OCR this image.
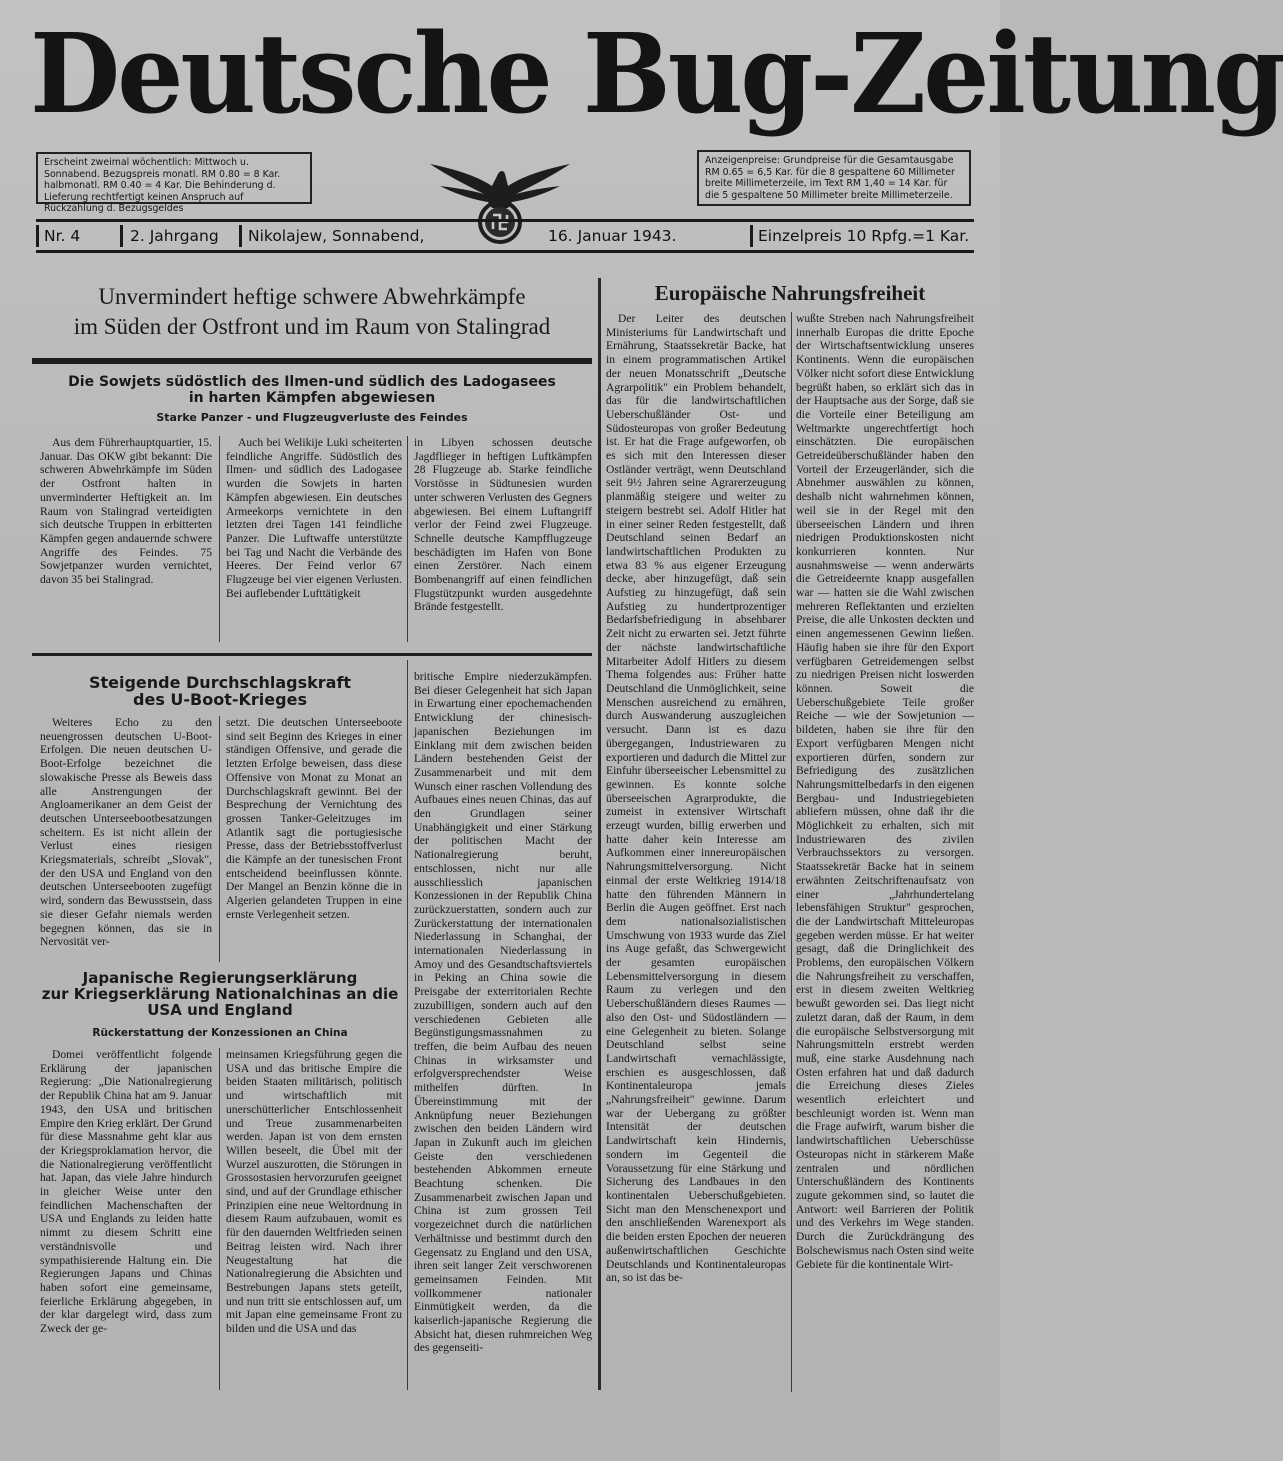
Deutsche Bug-Zeitung
Erscheint zweimal wöchentlich: Mittwoch u. Sonnabend. Bezugspreis monatl. RM 0.80 = 8 Kar. halbmonatl. RM 0.40 = 4 Kar. Die Behinderung d. Lieferung rechtfertigt keinen Anspruch auf Rückzahlung d. Bezugsgeldes
Anzeigenpreise: Grundpreise für die Gesamtausgabe RM 0.65 = 6,5 Kar. für die 8 gespaltene 60 Millimeter breite Millimeterzeile, im Text RM 1,40 = 14 Kar. für die 5 gespaltene 50 Millimeter breite Millimeterzeile.
Nr. 4	2. Jahrgang Nikolajew, Sonnabend,	16. Januar 1943.	Einzelpreis 10 Rpfg.=1 Kar.
Unvermindert heftige schwere Abwehrkämpfe
im Süden der Ostfront und im Raum von Stalingrad
Die Sowjets südöstlich des Ilmen-und südlich des Ladogasees
in harten Kämpfen abgewiesen
Starke Panzer - und Flugzeugverluste des Feindes

Aus dem Führerhauptquartier, 15. Januar. Das OKW gibt bekannt: Die schweren Abwehrkämpfe im Süden der Ostfront halten in unverminderter Heftigkeit an. Im Raum von Stalingrad verteidigten sich deutsche Truppen in erbitterten Kämpfen gegen andauernde schwere Angriffe des Feindes. 75 Sowjetpanzer wurden vernichtet, davon 35 bei Stalingrad.

Auch bei Welikije Luki scheiterten feindliche Angriffe. Südöstlich des Ilmen- und südlich des Ladogasee wurden die Sowjets in harten Kämpfen abgewiesen. Ein deutsches Armeekorps vernichtete in den letzten drei Tagen 141 feindliche Panzer. Die Luftwaffe unterstützte bei Tag und Nacht die Verbände des Heeres. Der Feind verlor 67 Flugzeuge bei vier eigenen Verlusten. Bei auflebender Lufttätigkeit

in Libyen schossen deutsche Jagdflieger in heftigen Luftkämpfen 28 Flugzeuge ab. Starke feindliche Vorstösse in Südtunesien wurden unter schweren Verlusten des Gegners abgewiesen. Bei einem Luftangriff verlor der Feind zwei Flugzeuge. Schnelle deutsche Kampfflugzeuge beschädigten im Hafen von Bone einen Zerstörer. Nach einem Bombenangriff auf einen feindlichen Flugstützpunkt wurden ausgedehnte Brände festgestellt.

Steigende Durchschlagskraft
des U-Boot-Krieges

Weiteres Echo zu den neuengrossen deutschen U-Boot-Erfolgen. Die neuen deutschen U-Boot-Erfolge bezeichnet die slowakische Presse als Beweis dass alle Anstrengungen der Angloamerikaner an dem Geist der deutschen Unterseebootbesatzungen scheitern. Es ist nicht allein der Verlust eines riesigen Kriegsmaterials, schreibt „Slovak", der den USA und England von den deutschen Unterseebooten zugefügt wird, sondern das Bewusstsein, dass sie dieser Gefahr niemals werden begegnen können, das sie in Nervosität ver-

setzt. Die deutschen Unterseeboote sind seit Beginn des Krieges in einer ständigen Offensive, und gerade die letzten Erfolge beweisen, dass diese Offensive von Monat zu Monat an Durchschlagskraft gewinnt. Bei der Besprechung der Vernichtung des grossen Tanker-Geleitzuges im Atlantik sagt die portugiesische Presse, dass der Betriebsstoffverlust die Kämpfe an der tunesischen Front entscheidend beeinflussen könnte. Der Mangel an Benzin könne die in Algerien gelandeten Truppen in eine ernste Verlegenheit setzen.

Japanische Regierungserklärung
zur Kriegserklärung Nationalchinas an die
USA und England
Rückerstattung der Konzessionen an China

Domei veröffentlicht folgende Erklärung der japanischen Regierung: „Die Nationalregierung der Republik China hat am 9. Januar 1943, den USA und britischen Empire den Krieg erklärt. Der Grund für diese Massnahme geht klar aus der Kriegsproklamation hervor, die die Nationalregierung veröffentlicht hat. Japan, das viele Jahre hindurch in gleicher Weise unter den feindlichen Machenschaften der USA und Englands zu leiden hatte nimmt zu diesem Schritt eine verständnisvolle und sympathisierende Haltung ein. Die Regierungen Japans und Chinas haben sofort eine gemeinsame, feierliche Erklärung abgegeben, in der klar dargelegt wird, dass zum Zweck der ge-

meinsamen Kriegsführung gegen die USA und das britische Empire die beiden Staaten militärisch, politisch und wirtschaftlich mit unerschütterlicher Entschlossenheit und Treue zusammenarbeiten werden. Japan ist von dem ernsten Willen beseelt, die Übel mit der Wurzel auszurotten, die Störungen in Grossostasien hervorzurufen geeignet sind, und auf der Grundlage ethischer Prinzipien eine neue Weltordnung in diesem Raum aufzubauen, womit es für den dauernden Weltfrieden seinen Beitrag leisten wird. Nach ihrer Neugestaltung hat die Nationalregierung die Absichten und Bestrebungen Japans stets geteilt, und nun tritt sie entschlossen auf, um mit Japan eine gemeinsame Front zu bilden und die USA und das

britische Empire niederzukämpfen. Bei dieser Gelegenheit hat sich Japan in Erwartung einer epochemachenden Entwicklung der chinesisch-japanischen Beziehungen im Einklang mit dem zwischen beiden Ländern bestehenden Geist der Zusammenarbeit und mit dem Wunsch einer raschen Vollendung des Aufbaues eines neuen Chinas, das auf den Grundlagen seiner Unabhängigkeit und einer Stärkung der politischen Macht der Nationalregierung beruht, entschlossen, nicht nur alle ausschliesslich japanischen Konzessionen in der Republik China zurückzuerstatten, sondern auch zur Zurückerstattung der internationalen Niederlassung in Schanghai, der internationalen Niederlassung in Amoy und des Gesandtschaftsviertels in Peking an China sowie die Preisgabe der exterritorialen Rechte zuzubilligen, sondern auch auf den verschiedenen Gebieten alle Begünstigungsmassnahmen zu treffen, die beim Aufbau des neuen Chinas in wirksamster und erfolgversprechendster Weise mithelfen dürften. In Übereinstimmung mit der Anknüpfung neuer Beziehungen zwischen den beiden Ländern wird Japan in Zukunft auch im gleichen Geiste den verschiedenen bestehenden Abkommen erneute Beachtung schenken. Die Zusammenarbeit zwischen Japan und China ist zum grossen Teil vorgezeichnet durch die natürlichen Verhältnisse und bestimmt durch den Gegensatz zu England und den USA, ihren seit langer Zeit verschworenen gemeinsamen Feinden. Mit vollkommener nationaler Einmütigkeit werden, da die kaiserlich-japanische Regierung die Absicht hat, diesen ruhmreichen Weg des gegenseiti-

Europäische Nahrungsfreiheit

Der Leiter des deutschen Ministeriums für Landwirtschaft und Ernährung, Staatssekretär Backe, hat in einem programmatischen Artikel der neuen Monatsschrift „Deutsche Agrarpolitik" ein Problem behandelt, das für die landwirtschaftlichen Ueberschußländer Ost- und Südosteuropas von großer Bedeutung ist. Er hat die Frage aufgeworfen, ob es sich mit den Interessen dieser Ostländer verträgt, wenn Deutschland seit 9½ Jahren seine Agrarerzeugung planmäßig steigere und weiter zu steigern bestrebt sei. Adolf Hitler hat in einer seiner Reden festgestellt, daß Deutschland seinen Bedarf an landwirtschaftlichen Produkten zu etwa 83 % aus eigener Erzeugung decke, aber hinzugefügt, daß sein Aufstieg zu hinzugefügt, daß sein Aufstieg zu hundertprozentiger Bedarfsbefriedigung in absehbarer Zeit nicht zu erwarten sei. Jetzt führte der nächste landwirtschaftliche Mitarbeiter Adolf Hitlers zu diesem Thema folgendes aus: Früher hatte Deutschland die Unmöglichkeit, seine Menschen ausreichend zu ernähren, durch Auswanderung auszugleichen versucht. Dann ist es dazu übergegangen, Industriewaren zu exportieren und dadurch die Mittel zur Einfuhr überseeischer Lebensmittel zu gewinnen. Es konnte solche überseeischen Agrarprodukte, die zumeist in extensiver Wirtschaft erzeugt wurden, billig erwerben und hatte daher kein Interesse am Aufkommen einer innereuropäischen Nahrungsmittelversorgung. Nicht einmal der erste Weltkrieg 1914/18 hatte den führenden Männern in Berlin die Augen geöffnet. Erst nach dem nationalsozialistischen Umschwung von 1933 wurde das Ziel ins Auge gefaßt, das Schwergewicht der gesamten europäischen Lebensmittelversorgung in diesem Raum zu verlegen und den Ueberschußländern dieses Raumes — also den Ost- und Südostländern — eine Gelegenheit zu bieten. Solange Deutschland selbst seine Landwirtschaft vernachlässigte, erschien es ausgeschlossen, daß Kontinentaleuropa jemals „Nahrungsfreiheit" gewinne. Darum war der Uebergang zu größter Intensität der deutschen Landwirtschaft kein Hindernis, sondern im Gegenteil die Voraussetzung für eine Stärkung und Sicherung des Landbaues in den kontinentalen Ueberschußgebieten. Sicht man den Menschenexport und den anschließenden Warenexport als die beiden ersten Epochen der neueren außenwirtschaftlichen Geschichte Deutschlands und Kontinentaleuropas an, so ist das be-

wußte Streben nach Nahrungsfreiheit innerhalb Europas die dritte Epoche der Wirtschaftsentwicklung unseres Kontinents. Wenn die europäischen Völker nicht sofort diese Entwicklung begrüßt haben, so erklärt sich das in der Hauptsache aus der Sorge, daß sie die Vorteile einer Beteiligung am Weltmarkte ungerechtfertigt hoch einschätzten. Die europäischen Getreideüberschußländer haben den Vorteil der Erzeugerländer, sich die Abnehmer auswählen zu können, deshalb nicht wahrnehmen können, weil sie in der Regel mit den überseeischen Ländern und ihren niedrigen Produktionskosten nicht konkurrieren konnten. Nur ausnahmsweise — wenn anderwärts die Getreideernte knapp ausgefallen war — hatten sie die Wahl zwischen mehreren Reflektanten und erzielten Preise, die alle Unkosten deckten und einen angemessenen Gewinn ließen. Häufig haben sie ihre für den Export verfügbaren Getreidemengen selbst zu niedrigen Preisen nicht loswerden können. Soweit die Ueberschußgebiete Teile großer Reiche — wie der Sowjetunion — bildeten, haben sie ihre für den Export verfügbaren Mengen nicht exportieren dürfen, sondern zur Befriedigung des zusätzlichen Nahrungsmittelbedarfs in den eigenen Bergbau- und Industriegebieten abliefern müssen, ohne daß ihr die Möglichkeit zu erhalten, sich mit Industriewaren des zivilen Verbrauchssektors zu versorgen. Staatssekretär Backe hat in seinem erwähnten Zeitschriftenaufsatz von einer „Jahrhundertelang lebensfähigen Struktur" gesprochen, die der Landwirtschaft Mitteleuropas gegeben werden müsse. Er hat weiter gesagt, daß die Dringlichkeit des Problems, den europäischen Völkern die Nahrungsfreiheit zu verschaffen, erst in diesem zweiten Weltkrieg bewußt geworden sei. Das liegt nicht zuletzt daran, daß der Raum, in dem die europäische Selbstversorgung mit Nahrungsmitteln erstrebt werden muß, eine starke Ausdehnung nach Osten erfahren hat und daß dadurch die Erreichung dieses Zieles wesentlich erleichtert und beschleunigt worden ist. Wenn man die Frage aufwirft, warum bisher die landwirtschaftlichen Ueberschüsse Osteuropas nicht in stärkerem Maße zentralen und nördlichen Unterschußländern des Kontinents zugute gekommen sind, so lautet die Antwort: weil Barrieren der Politik und des Verkehrs im Wege standen. Durch die Zurückdrängung des Bolschewismus nach Osten sind weite Gebiete für die kontinentale Wirt-
